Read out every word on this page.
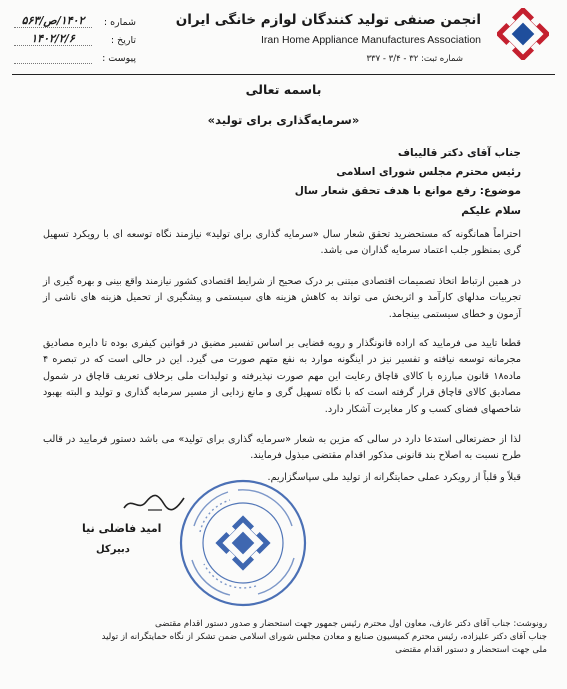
انجمن صنفی تولید کنندگان لوازم خانگی ایران
Iran Home Appliance Manufactures Association
شماره ثبت: ۳۲ - ۳/۴ - ۳۳۷
شماره :
۱۴۰۲/ص/۵۶۳
تاریخ :
۱۴۰۲/۲/۶
پیوست :
باسمه تعالی
«سرمایه‌گذاری برای تولید»
جناب آقای دکتر قالیباف
رئیس محترم مجلس شورای اسلامی
موضوع: رفع موانع با هدف تحقق شعار سال
سلام علیکم
احتراماً همانگونه که مستحضرید تحقق شعار سال «سرمایه گذاری برای تولید» نیازمند نگاه توسعه ای با رویکرد تسهیل گری بمنظور جلب اعتماد سرمایه گذاران می باشد.
در همین ارتباط اتخاذ تصمیمات اقتصادی مبتنی بر درک صحیح از شرایط اقتصادی کشور نیازمند واقع بینی و بهره گیری از تجربیات مدلهای کارآمد و اثربخش می تواند به کاهش هزینه های سیستمی و پیشگیری از تحمیل هزینه های ناشی از آزمون و خطای سیستمی بینجامد.
قطعا تایید می فرمایید که اراده قانونگذار و رویه قضایی بر اساس تفسیر مضیق در قوانین کیفری بوده تا دایره مصادیق مجرمانه توسعه نیافته و تفسیر نیز در اینگونه موارد به نفع متهم صورت می گیرد. این در حالی است که در تبصره ۴ ماده۱۸ قانون مبارزه با کالای قاچاق رعایت این مهم صورت نپذیرفته و تولیدات ملی برخلاف تعریف قاچاق در شمول مصادیق کالای قاچاق قرار گرفته است که با نگاه تسهیل گری و مانع زدایی از مسیر سرمایه گذاری و تولید و البته بهبود شاخصهای فضای کسب و کار مغایرت آشکار دارد.
لذا از حضرتعالی استدعا دارد در سالی که مزین به شعار «سرمایه گذاری برای تولید» می باشد دستور فرمایید در قالب طرح نسبت به اصلاح بند قانونی مذکور اقدام مقتضی مبذول فرمایند.
قبلاً و قلباً از رویکرد عملی حمایتگرانه از تولید ملی سپاسگزاریم.
امید فاضلی نیا
دبیرکل
رونوشت: جناب آقای دکتر عارف، معاون اول محترم رئیس جمهور جهت استحضار و صدور دستور اقدام مقتضی
جناب آقای دکتر علیزاده، رئیس محترم کمیسیون صنایع و معادن مجلس شورای اسلامی ضمن تشکر از نگاه حمایتگرانه از تولید
ملی جهت استحضار و دستور اقدام مقتضی
